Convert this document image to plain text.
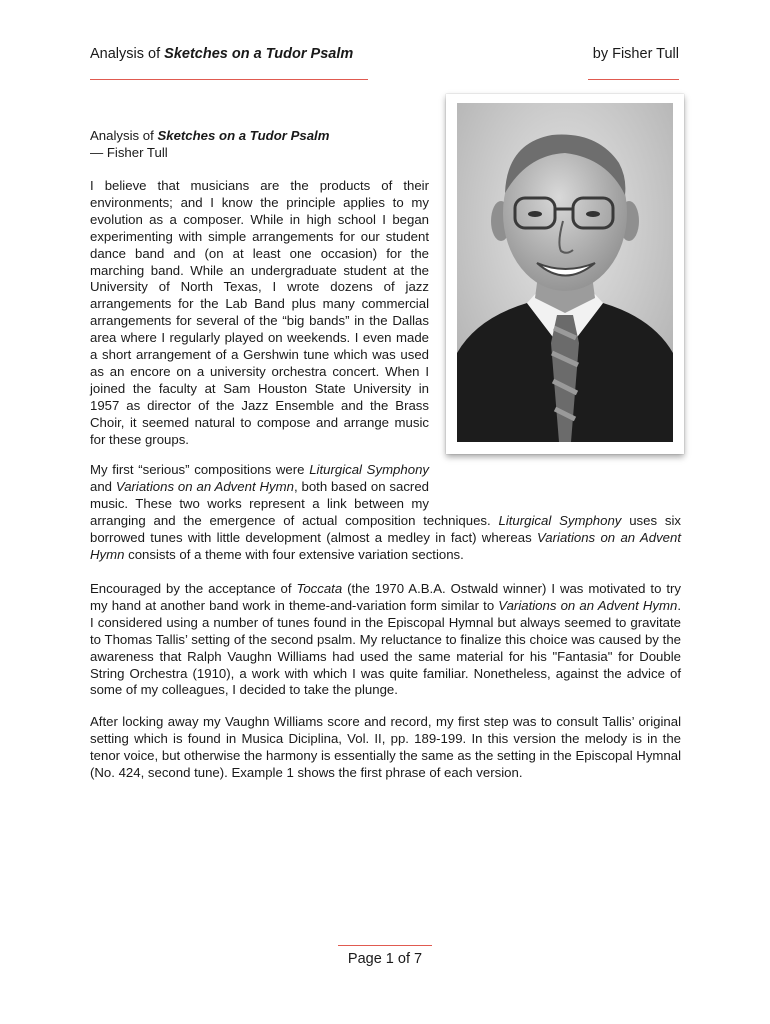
Analysis of Sketches on a Tudor Psalm	by Fisher Tull
Analysis of Sketches on a Tudor Psalm
— Fisher Tull

I believe that musicians are the products of their environments; and I know the principle applies to my evolution as a composer. While in high school I began experimenting with simple arrangements for our student dance band and (on at least one occasion) for the marching band. While an undergraduate student at the University of North Texas, I wrote dozens of jazz arrangements for the Lab Band plus many commercial arrangements for several of the “big bands” in the Dallas area where I regularly played on weekends. I even made a short arrangement of a Gershwin tune which was used as an encore on a university orchestra concert. When I joined the faculty at Sam Houston State University in 1957 as director of the Jazz Ensemble and the Brass Choir, it seemed natural to compose and arrange music for these groups.

My first “serious” compositions were Liturgical Symphony and Variations on an Advent Hymn, both based on sacred music. These two works represent a link between my arranging and the emergence of actual composition techniques. Liturgical Symphony uses six borrowed tunes with little development (almost a medley in fact) whereas Variations on an Advent Hymn consists of a theme with four extensive variation sections.

Encouraged by the acceptance of Toccata (the 1970 A.B.A. Ostwald winner) I was motivated to try my hand at another band work in theme-and-variation form similar to Variations on an Advent Hymn. I considered using a number of tunes found in the Episcopal Hymnal but always seemed to gravitate to Thomas Tallis’ setting of the second psalm. My reluctance to finalize this choice was caused by the awareness that Ralph Vaughn Williams had used the same material for his "Fantasia" for Double String Orchestra (1910), a work with which I was quite familiar. Nonetheless, against the advice of some of my colleagues, I decided to take the plunge.

After locking away my Vaughn Williams score and record, my first step was to consult Tallis’ original setting which is found in Musica Diciplina, Vol. II, pp. 189-199. In this version the melody is in the tenor voice, but otherwise the harmony is essentially the same as the setting in the Episcopal Hymnal (No. 424, second tune). Example 1 shows the first phrase of each version.

Page 1 of 7
